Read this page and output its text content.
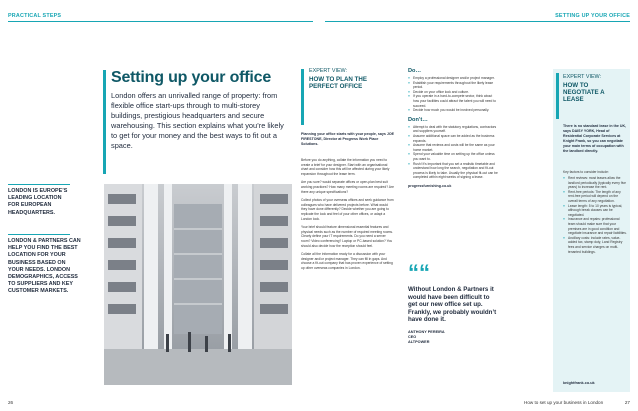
PRACTICAL STEPS	SETTING UP YOUR OFFICE
Setting up your office
London offers an unrivalled range of property: from flexible office start-ups through to multi-storey buildings, prestigious headquarters and secure warehousing. This section explains what you’re likely to get for your money and the best ways to fit out a space.
LONDON IS EUROPE’S LEADING LOCATION FOR EUROPEAN HEADQUARTERS.
LONDON & PARTNERS CAN HELP YOU FIND THE BEST LOCATION FOR YOUR BUSINESS BASED ON YOUR NEEDS. LONDON DEMOGRAPHICS, ACCESS TO SUPPLIERS AND KEY CUSTOMER MARKETS.
EXPERT VIEW:
HOW TO PLAN THE PERFECT OFFICE
Planning your office starts with your people, says JOE FIRESTONE, Director at Progress Work Place Solutions.

Before you do anything, collate the information you need to create a brief for your designer. Start with an organisational chart and consider how this will be affected during your likely expansion throughout the lease term.

Are you sure? would separate offices or open-plan best suit working practices? How many meeting rooms are required? Are there any unique specifications?

Collect photos of your overseas offices and seek guidance from colleagues who have delivered projects before. What would they have done differently? Decide whether you are going to replicate the look and feel of your other offices, or adapt a London look.

Your brief should feature dimensional essential features and physical needs such as the number of required meeting rooms. Clearly define your IT requirements. Do you need a server room? Video conferencing? Laptop or PC-based solution? You should also decide how the reception should feel.

Collate all the information ready for a discussion with your designer and/or project manager. They can fill in gaps. And choose a fit-out company that has proven experience of setting up other overseas companies in London.

Do…
» Employ a professional designer and/or project manager.
» Establish your requirements throughout the likely lease period.
» Decide on your office look and culture.
» If you operate in a hard-to-compete sector, think about how your facilities could attract the talent you will need to succeed.
» Decide how much you would be involved personally.
Don’t…
» Attempt to deal with the statutory regulations, contractors and suppliers yourself.
» Assume additional space can be added as the business expands.
» Assume that reviews and costs will be the same as your home market.
» Spend your valuable time on setting up the office unless you want to.
» Rush! It’s important that you set a realistic timetable and understand how long the search, negotiation and fit-out process is likely to take. Usually the physical fit-out can be completed within eight weeks of signing a lease.
progressfurnishing.co.uk
““
Without London & Partners it would have been difficult to get our new office set up. Frankly, we probably wouldn’t have done it.
ANTHONY PEREIRA
CEO
ALTPOWER
EXPERT VIEW:
HOW TO NEGOTIATE A LEASE
There is no standard lease in the UK, says DAISY YORK, Head of Residential Corporate Services at Knight Frank, so you can negotiate your main terms of occupation with the landlord directly.
Key factors to consider include:
» Rent reviews: most leases allow the landlord periodically (typically every five years) to increase the rent.
» Rent-free periods: The length of any rent-free period will depend on the overall terms of any negotiation.
» Lease length: 5 to 10 years is typical, although break clauses can be negotiated.
» Insurance and repairs: professional team should make sure that your premises are in good condition and negotiate insurance and repair liabilities.
» Ancillary costs: include rates, value-added tax, stamp duty, Land Registry fees and service charges on multi-tenanted buildings.
knightfrank.co.uk
26	How to set up your business in London	27
